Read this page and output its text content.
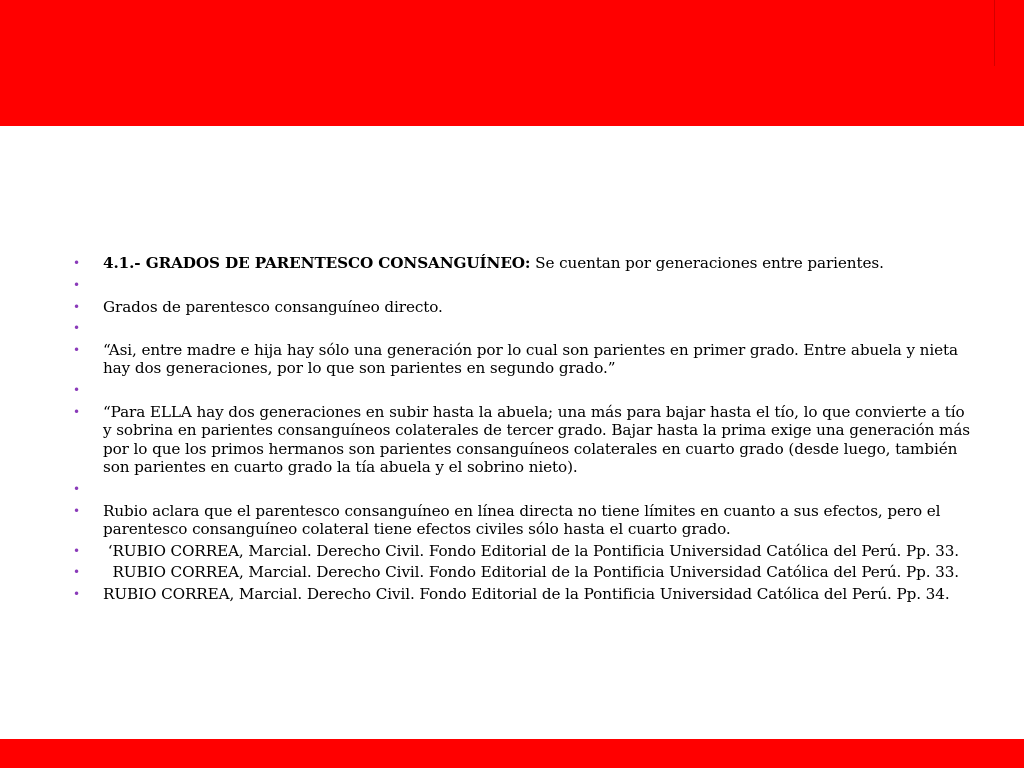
• 4.1.- GRADOS DE PARENTESCO CONSANGUÍNEO: Se cuentan por generaciones entre parientes.
•
• Grados de parentesco consanguíneo directo.
•
• “Asi, entre madre e hija hay sólo una generación por lo cual son parientes en primer grado. Entre abuela y nieta hay dos generaciones, por lo que son parientes en segundo grado.”
•
• “Para ELLA hay dos generaciones en subir hasta la abuela; una más para bajar hasta el tío, lo que convierte a tío y sobrina en parientes consanguíneos colaterales de tercer grado. Bajar hasta la prima exige una generación más por lo que los primos hermanos son parientes consanguíneos colaterales en cuarto grado (desde luego, también son parientes en cuarto grado la tía abuela y el sobrino nieto).
•
• Rubio aclara que el parentesco consanguíneo en línea directa no tiene límites en cuanto a sus efectos, pero el parentesco consanguíneo colateral tiene efectos civiles sólo hasta el cuarto grado.
• ‘RUBIO CORREA, Marcial. Derecho Civil. Fondo Editorial de la Pontificia Universidad Católica del Perú. Pp. 33.
• RUBIO CORREA, Marcial. Derecho Civil. Fondo Editorial de la Pontificia Universidad Católica del Perú. Pp. 33.
• RUBIO CORREA, Marcial. Derecho Civil. Fondo Editorial de la Pontificia Universidad Católica del Perú. Pp. 34.
